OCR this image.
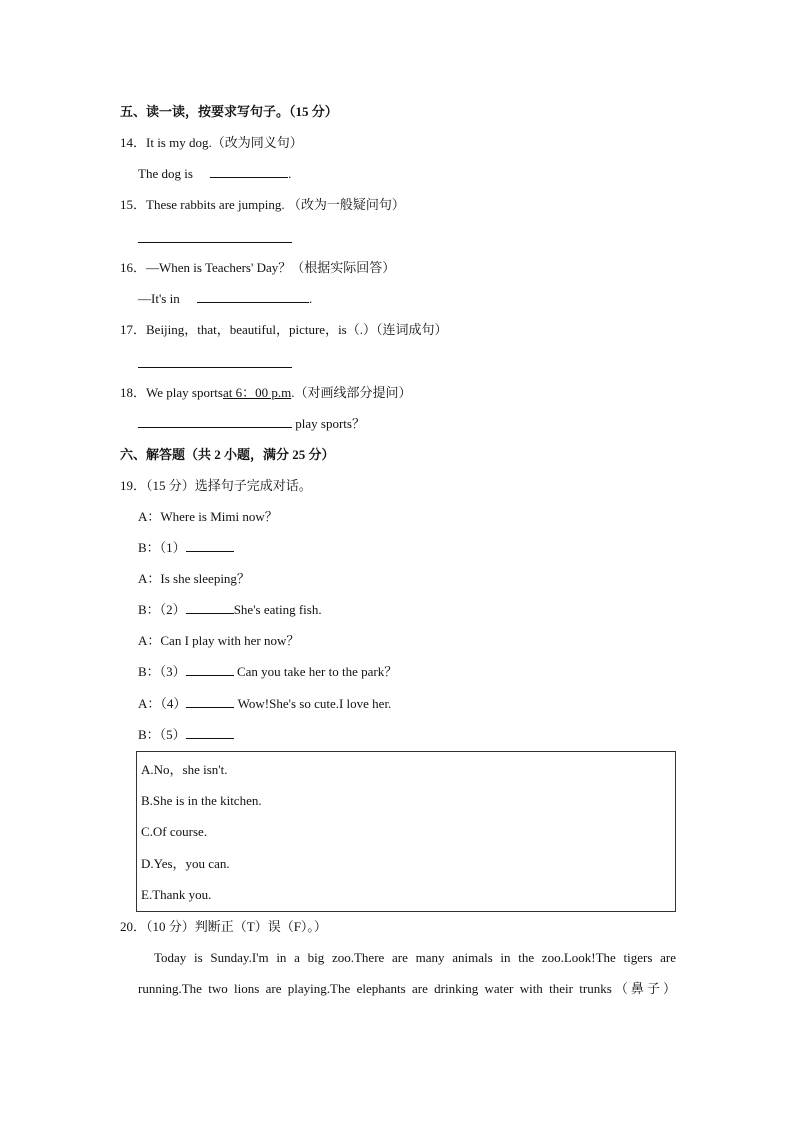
五、读一读，按要求写句子。（15 分）
14．It is my dog.（改为同义句）
The dog is	.
15．These rabbits are jumping. （改为一般疑问句）
16．—When is Teachers' Day？（根据实际回答）
—It's in	.
17．Beijing，that，beautiful，picture，is（.）（连词成句）
18．We play sportsat 6：00 p.m.（对画线部分提问）
play sports？
六、解答题（共 2 小题，满分 25 分）
19．（15 分）选择句子完成对话。
A：Where is Mimi now？
B：（1）
A：Is she sleeping？
B：（2）	She's eating fish.
A：Can I play with her now？
B：（3）	Can you take her to the park？
A：（4）	Wow!She's so cute.I love her.
B：（5）
A.No，she isn't.
B.She is in the kitchen.
C.Of course.
D.Yes，you can.
E.Thank you.
20．（10 分）判断正（T）误（F）。）
Today is Sunday.I'm in a big zoo.There are many animals in the zoo.Look!The tigers are
running.The two lions are playing.The elephants are drinking water with their trunks（鼻子）
